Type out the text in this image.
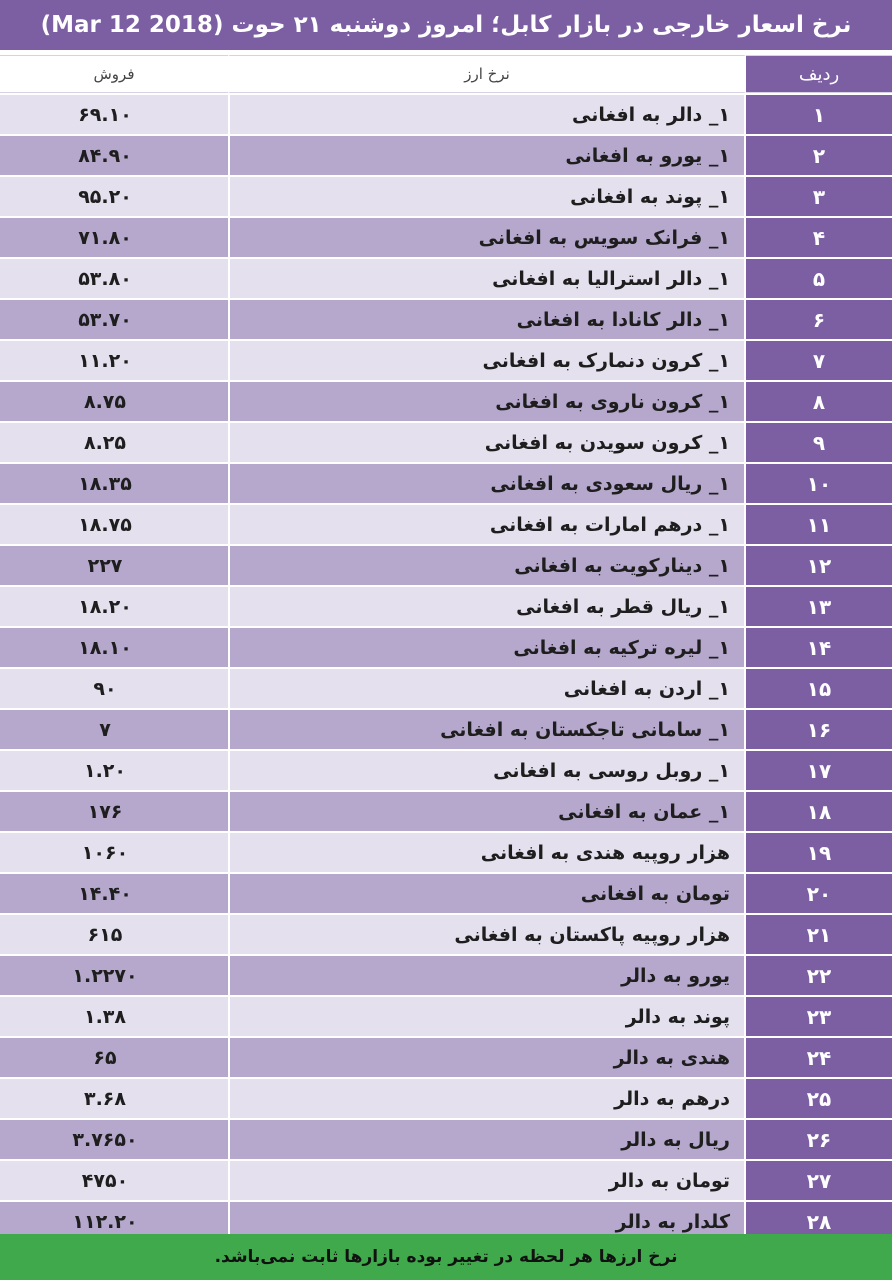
نرخ اسعار خارجی در بازار کابل؛ امروز دوشنبه ۲۱ حوت (Mar 12 2018)
فروش	نرخ ارز	ردیف
۶۹.۱۰	۱_ دالر به افغانی	۱
۸۴.۹۰	۱_ یورو به افغانی	۲
۹۵.۲۰	۱_ پوند به افغانی	۳
۷۱.۸۰	۱_ فرانک سویس به افغانی	۴
۵۳.۸۰	۱_ دالر استرالیا به افغانی	۵
۵۳.۷۰	۱_ دالر کانادا به افغانی	۶
۱۱.۲۰	۱_ کرون دنمارک به افغانی	۷
۸.۷۵	۱_ کرون ناروی به افغانی	۸
۸.۲۵	۱_ کرون سویدن به افغانی	۹
۱۸.۳۵	۱_ ریال سعودی به افغانی	۱۰
۱۸.۷۵	۱_ درهم امارات به افغانی	۱۱
۲۲۷	۱_ دینارکویت به افغانی	۱۲
۱۸.۲۰	۱_ ریال قطر به افغانی	۱۳
۱۸.۱۰	۱_ لیره ترکیه به افغانی	۱۴
۹۰	۱_ اردن به افغانی	۱۵
۷	۱_ سامانی تاجکستان به افغانی	۱۶
۱.۲۰	۱_ روبل روسی به افغانی	۱۷
۱۷۶	۱_ عمان به افغانی	۱۸
۱۰۶۰	هزار روپیه هندی به افغانی	۱۹
۱۴.۴۰	تومان به افغانی	۲۰
۶۱۵	هزار روپیه پاکستان به افغانی	۲۱
۱.۲۲۷۰	یورو به دالر	۲۲
۱.۳۸	پوند به دالر	۲۳
۶۵	هندی به دالر	۲۴
۳.۶۸	درهم به دالر	۲۵
۳.۷۶۵۰	ریال به دالر	۲۶
۴۷۵۰	تومان به دالر	۲۷
۱۱۲.۲۰	کلدار به دالر	۲۸
نرخ ارزها هر لحظه در تغییر بوده بازارها ثابت نمی‌باشد.
